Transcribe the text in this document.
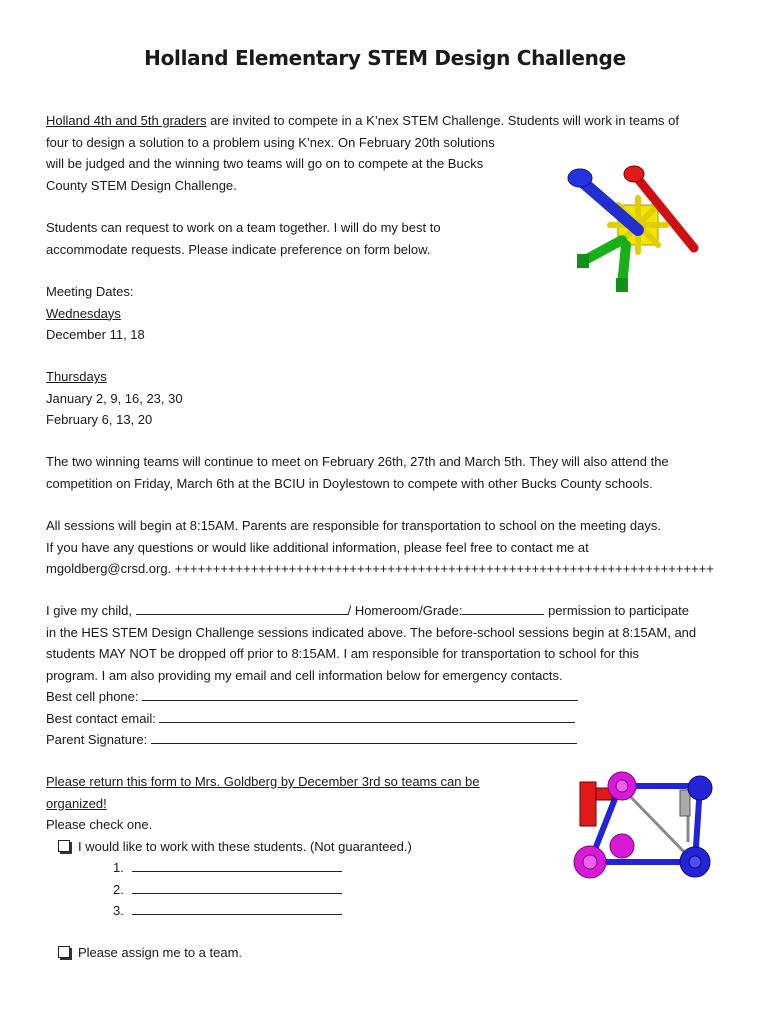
Holland Elementary STEM Design Challenge
Holland 4th and 5th graders are invited to compete in a K’nex STEM Challenge. Students will work in teams of
four to design a solution to a problem using K’nex. On February 20th solutions
will be judged and the winning two teams will go on to compete at the Bucks
County STEM Design Challenge.
Students can request to work on a team together. I will do my best to
accommodate requests. Please indicate preference on form below.
Meeting Dates:
Wednesdays
December 11, 18
Thursdays
January 2, 9, 16, 23, 30
February 6, 13, 20
The two winning teams will continue to meet on February 26th, 27th and March 5th. They will also attend the
competition on Friday, March 6th at the BCIU in Doylestown to compete with other Bucks County schools.
All sessions will begin at 8:15AM. Parents are responsible for transportation to school on the meeting days.
If you have any questions or would like additional information, please feel free to contact me at
mgoldberg@crsd.org. +++++++++++++++++++++++++++++++++++++++++++++++++++++++++++++++++++++++
I give my child,	/ Homeroom/Grade:	permission to participate
in the HES STEM Design Challenge sessions indicated above. The before-school sessions begin at 8:15AM, and
students MAY NOT be dropped off prior to 8:15AM. I am responsible for transportation to school for this
program. I am also providing my email and cell information below for emergency contacts.
Best cell phone:
Best contact email:
Parent Signature:
Please return this form to Mrs. Goldberg by December 3rd so teams can be
organized!
Please check one.
I would like to work with these students. (Not guaranteed.)
1.
2.
3.
Please assign me to a team.
